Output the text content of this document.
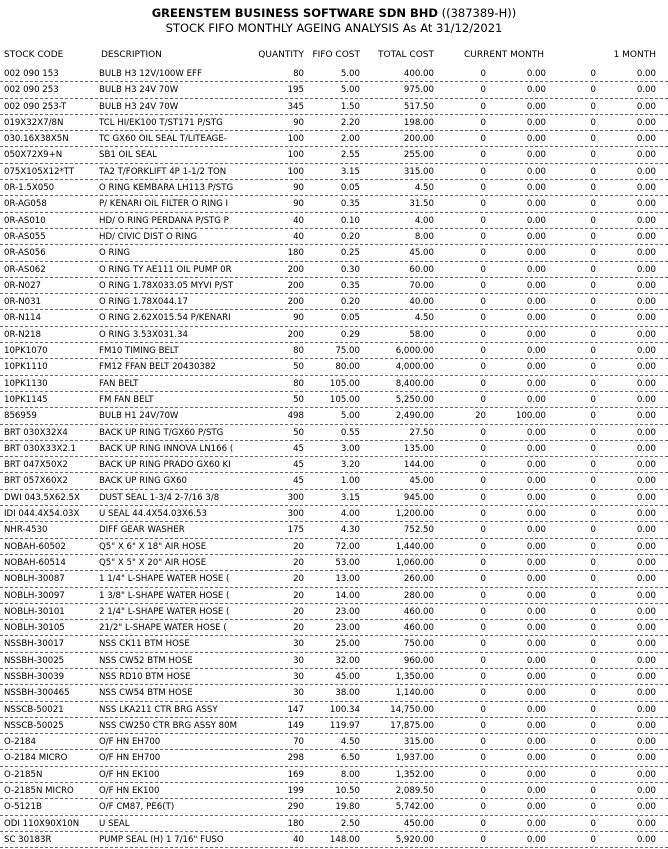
GREENSTEM BUSINESS SOFTWARE SDN BHD ((387389-H))
STOCK FIFO MONTHLY AGEING ANALYSIS As At 31/12/2021
STOCK CODE	DESCRIPTION	QUANTITY FIFO COST	TOTAL COST	CURRENT MONTH	1 MONTH
002 090 153	BULB H3 12V/100W EFF	80	5.00	400.00	0	0.00	0	0.00
002 090 253	BULB H3 24V 70W	195	5.00	975.00	0	0.00	0	0.00
002 090 253-T	BULB H3 24V 70W	345	1.50	517.50	0	0.00	0	0.00
019X32X7/8N	TCL HI/EK100 T/ST171 P/STG	90	2.20	198.00	0	0.00	0	0.00
030.16X38X5N	TC GX60 OIL SEAL T/LITEAGE-	100	2.00	200.00	0	0.00	0	0.00
050X72X9+N	SB1 OIL SEAL	100	2.55	255.00	0	0.00	0	0.00
075X105X12*TT	TA2 T/FORKLIFT 4P 1-1/2 TON	100	3.15	315.00	0	0.00	0	0.00
0R-1.5X050	O RING KEMBARA LH113 P/STG	90	0.05	4.50	0	0.00	0	0.00
0R-AG058	P/ KENARI OIL FILTER O RING I	90	0.35	31.50	0	0.00	0	0.00
0R-AS010	HD/ O RING PERDANA P/STG P	40	0.10	4.00	0	0.00	0	0.00
0R-AS055	HD/ CIVIC DIST O RING	40	0.20	8.00	0	0.00	0	0.00
0R-AS056	O RING	180	0.25	45.00	0	0.00	0	0.00
0R-AS062	O RING TY AE111 OIL PUMP 0R	200	0.30	60.00	0	0.00	0	0.00
0R-N027	O RING 1.78X033.05 MYVI P/ST	200	0.35	70.00	0	0.00	0	0.00
0R-N031	O RING 1.78X044.17	200	0.20	40.00	0	0.00	0	0.00
0R-N114	O RING 2.62X015.54 P/KENARI	90	0.05	4.50	0	0.00	0	0.00
0R-N218	O RING 3.53X031.34	200	0.29	58.00	0	0.00	0	0.00
10PK1070	FM10 TIMING BELT	80	75.00	6,000.00	0	0.00	0	0.00
10PK1110	FM12 FFAN BELT 20430382	50	80.00	4,000.00	0	0.00	0	0.00
10PK1130	FAN BELT	80	105.00	8,400.00	0	0.00	0	0.00
10PK1145	FM FAN BELT	50	105.00	5,250.00	0	0.00	0	0.00
856959	BULB H1 24V/70W	498	5.00	2,490.00	20	100.00	0	0.00
BRT 030X32X4	BACK UP RING T/GX60 P/STG	50	0.55	27.50	0	0.00	0	0.00
BRT 030X33X2.1	BACK UP RING INNOVA LN166 (	45	3.00	135.00	0	0.00	0	0.00
BRT 047X50X2	BACK UP RING PRADO GX60 KI	45	3.20	144.00	0	0.00	0	0.00
BRT 057X60X2	BACK UP RING GX60	45	1.00	45.00	0	0.00	0	0.00
DWI 043.5X62.5X	DUST SEAL 1-3/4 2-7/16 3/8	300	3.15	945.00	0	0.00	0	0.00
IDI 044.4X54.03X	U SEAL 44.4X54.03X6.53	300	4.00	1,200.00	0	0.00	0	0.00
NHR-4530	DIFF GEAR WASHER	175	4.30	752.50	0	0.00	0	0.00
NOBAH-60502	Q5" X 6" X 18" AIR HOSE	20	72.00	1,440.00	0	0.00	0	0.00
NOBAH-60514	Q5" X 5" X 20" AIR HOSE	20	53.00	1,060.00	0	0.00	0	0.00
NOBLH-30087	1 1/4" L-SHAPE WATER HOSE (	20	13.00	260.00	0	0.00	0	0.00
NOBLH-30097	1 3/8" L-SHAPE WATER HOSE (	20	14.00	280.00	0	0.00	0	0.00
NOBLH-30101	2 1/4" L-SHAPE WATER HOSE (	20	23.00	460.00	0	0.00	0	0.00
NOBLH-30105	21/2" L-SHAPE WATER HOSE (	20	23.00	460.00	0	0.00	0	0.00
NSSBH-30017	NSS CK11 BTM HOSE	30	25.00	750.00	0	0.00	0	0.00
NSSBH-30025	NSS CW52 BTM HOSE	30	32.00	960.00	0	0.00	0	0.00
NSSBH-30039	NSS RD10 BTM HOSE	30	45.00	1,350.00	0	0.00	0	0.00
NSSBH-300465	NSS CW54 BTM HOSE	30	38.00	1,140.00	0	0.00	0	0.00
NSSCB-50021	NSS LKA211 CTR BRG ASSY	147	100.34	14,750.00	0	0.00	0	0.00
NSSCB-50025	NSS CW250 CTR BRG ASSY 80M	149	119.97	17,875.00	0	0.00	0	0.00
O-2184	O/F HN EH700	70	4.50	315.00	0	0.00	0	0.00
O-2184 MICRO	O/F HN EH700	298	6.50	1,937.00	0	0.00	0	0.00
O-2185N	O/F HN EK100	169	8.00	1,352.00	0	0.00	0	0.00
O-2185N MICRO	O/F HN EK100	199	10.50	2,089.50	0	0.00	0	0.00
O-5121B	O/F CM87, PE6(T)	290	19.80	5,742.00	0	0.00	0	0.00
ODI 110X90X10N	U SEAL	180	2.50	450.00	0	0.00	0	0.00
SC 30183R	PUMP SEAL (H) 1 7/16" FUSO	40	148.00	5,920.00	0	0.00	0	0.00
